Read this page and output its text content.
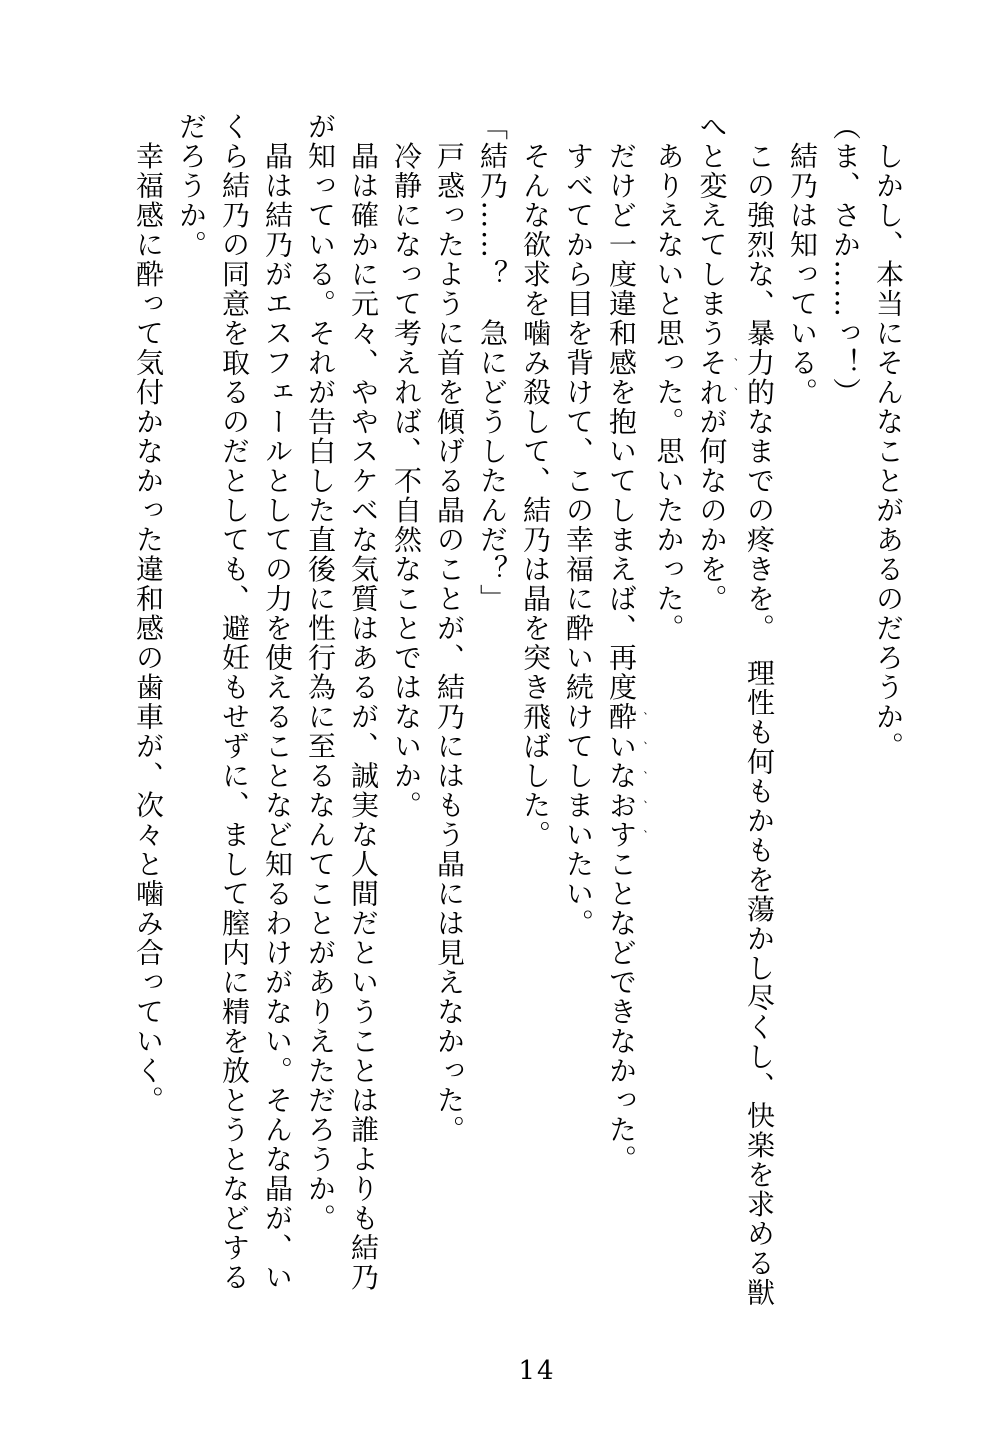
　しかし、本当にそんなことがあるのだろうか。

（ま、さか……っ！）

　結乃は知っている。

　この強烈な、暴力的なまでの疼きを。　理性も何もかもを蕩かし尽くし、快楽を求める獣

へと変えてしまうそ、れ、が何なのかを。

　ありえないと思った。思いたかった。

　だけど一度違和感を抱いてしまえば、再度酔、い、な、お、す、ことなどできなかった。

　すべてから目を背けて、この幸福に酔い続けてしまいたい。

　そんな欲求を噛み殺して、結乃は晶を突き飛ばした。

「結乃……？　急にどうしたんだ？」

　戸惑ったように首を傾げる晶のことが、結乃にはもう晶には見えなかった。

　冷静になって考えれば、不自然なことではないか。

　晶は確かに元々、ややスケベな気質はあるが、誠実な人間だということは誰よりも結乃

が知っている。それが告白した直後に性行為に至るなんてことがありえただろうか。

　晶は結乃がエスフェールとしての力を使えることなど知るわけがない。そんな晶が、い

くら結乃の同意を取るのだとしても、避妊もせずに、まして膣内に精を放とうとなどする

だろうか。

　幸福感に酔って気付かなかった違和感の歯車が、次々と噛み合っていく。

14
